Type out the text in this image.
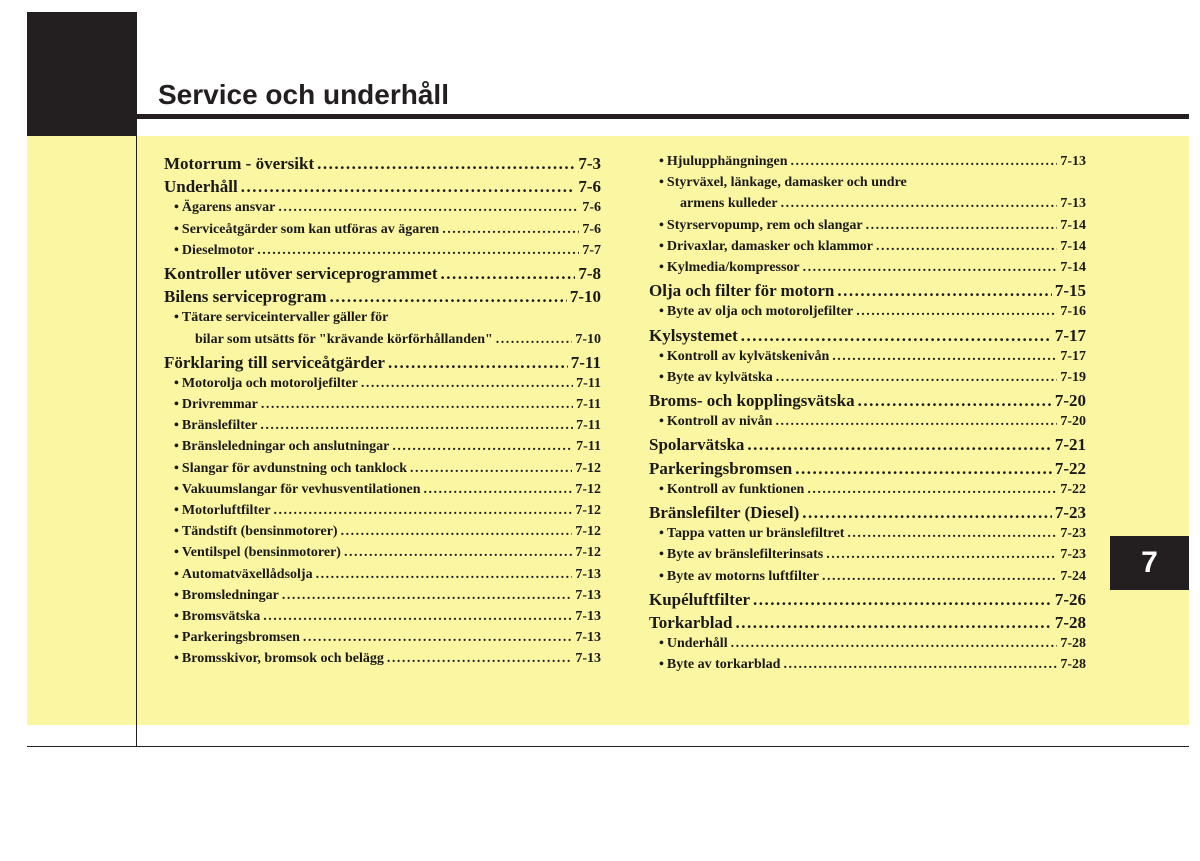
Service och underhåll
7
Motorrum - översikt .....	7-3
Underhåll .....	7-6
• Ägarens ansvar .....	7-6
• Serviceåtgärder som kan utföras av ägaren .....	7-6
• Dieselmotor .....	7-7
Kontroller utöver serviceprogrammet .....	7-8
Bilens serviceprogram .....	7-10
• Tätare serviceintervaller gäller för
bilar som utsätts för "krävande körförhållanden" .....	7-10
Förklaring till serviceåtgärder .....	7-11
• Motorolja och motoroljefilter .....	7-11
• Drivremmar .....	7-11
• Bränslefilter .....	7-11
• Bränsleledningar och anslutningar .....	7-11
• Slangar för avdunstning och tanklock .....	7-12
• Vakuumslangar för vevhusventilationen .....	7-12
• Motorluftfilter .....	7-12
• Tändstift (bensinmotorer) .....	7-12
• Ventilspel (bensinmotorer) .....	7-12
• Automatväxellådsolja .....	7-13
• Bromsledningar .....	7-13
• Bromsvätska .....	7-13
• Parkeringsbromsen .....	7-13
• Bromsskivor, bromsok och belägg .....	7-13
• Hjulupphängningen .....	7-13
• Styrväxel, länkage, damasker och undre
armens kulleder .....	7-13
• Styrservopump, rem och slangar .....	7-14
• Drivaxlar, damasker och klammor .....	7-14
• Kylmedia/kompressor .....	7-14
Olja och filter för motorn .....	7-15
• Byte av olja och motoroljefilter .....	7-16
Kylsystemet .....	7-17
• Kontroll av kylvätskenivån .....	7-17
• Byte av kylvätska .....	7-19
Broms- och kopplingsvätska .....	7-20
• Kontroll av nivån .....	7-20
Spolarvätska .....	7-21
Parkeringsbromsen .....	7-22
• Kontroll av funktionen .....	7-22
Bränslefilter (Diesel) .....	7-23
• Tappa vatten ur bränslefiltret .....	7-23
• Byte av bränslefilterinsats .....	7-23
• Byte av motorns luftfilter .....	7-24
Kupéluftfilter .....	7-26
Torkarblad .....	7-28
• Underhåll .....	7-28
• Byte av torkarblad .....	7-28
